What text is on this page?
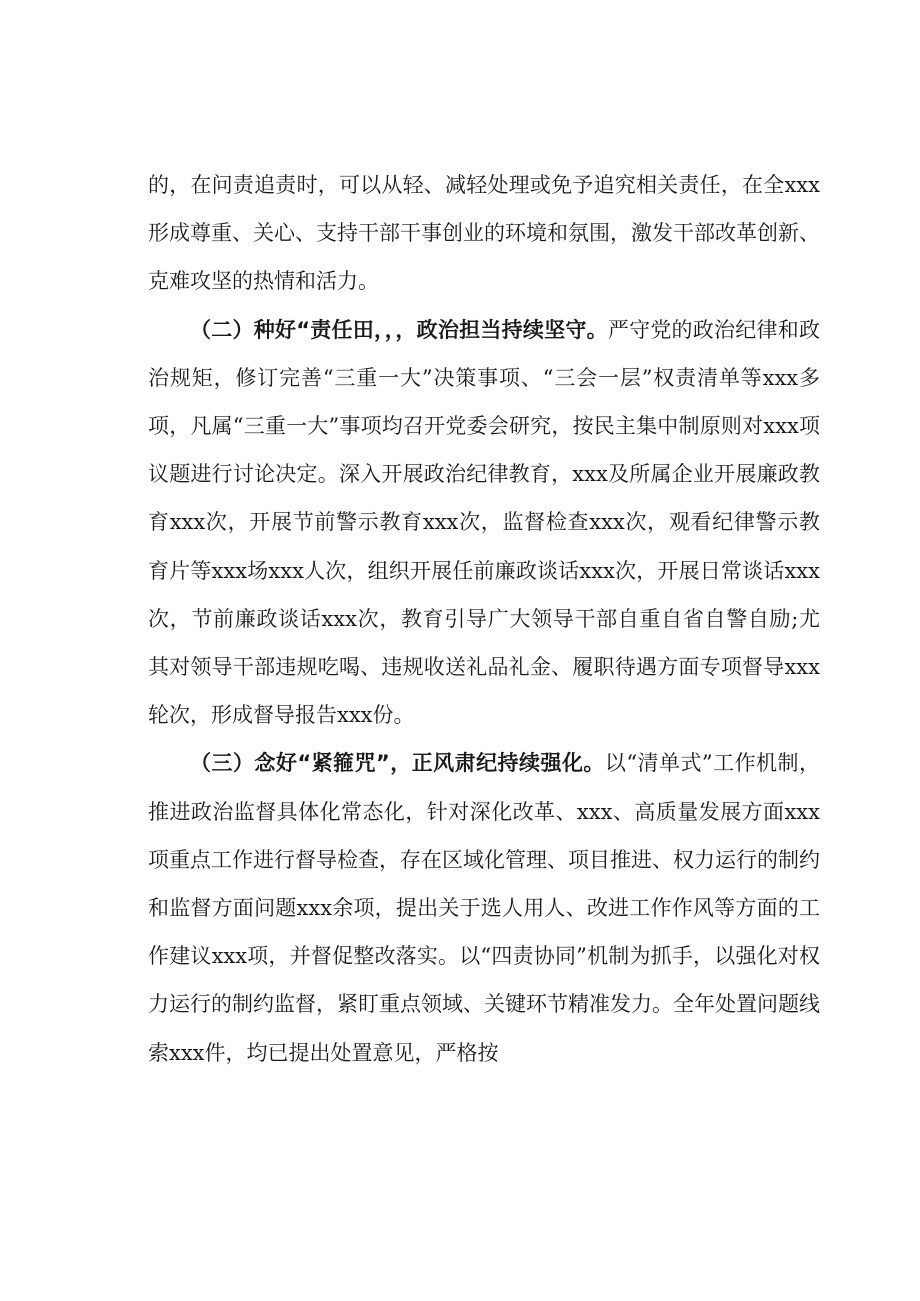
的，在问责追责时，可以从轻、减轻处理或免予追究相关责任，在全xxx形成尊重、关心、支持干部干事创业的环境和氛围，激发干部改革创新、克难攻坚的热情和活力。

（二）种好“责任田，，，政治担当持续坚守。严守党的政治纪律和政治规矩，修订完善“三重一大”决策事项、“三会一层”权责清单等xxx多项，凡属“三重一大”事项均召开党委会研究，按民主集中制原则对xxx项议题进行讨论决定。深入开展政治纪律教育，xxx及所属企业开展廉政教育xxx次，开展节前警示教育xxx次，监督检查xxx次，观看纪律警示教育片等xxx场xxx人次，组织开展任前廉政谈话xxx次，开展日常谈话xxx次，节前廉政谈话xxx次，教育引导广大领导干部自重自省自警自励;尤其对领导干部违规吃喝、违规收送礼品礼金、履职待遇方面专项督导xxx轮次，形成督导报告xxx份。

（三）念好“紧箍咒”，正风肃纪持续强化。以“清单式”工作机制，推进政治监督具体化常态化，针对深化改革、xxx、高质量发展方面xxx项重点工作进行督导检查，存在区域化管理、项目推进、权力运行的制约和监督方面问题xxx余项，提出关于选人用人、改进工作作风等方面的工作建议xxx项，并督促整改落实。以“四责协同”机制为抓手，以强化对权力运行的制约监督，紧盯重点领域、关键环节精准发力。全年处置问题线索xxx件，均已提出处置意见，严格按
